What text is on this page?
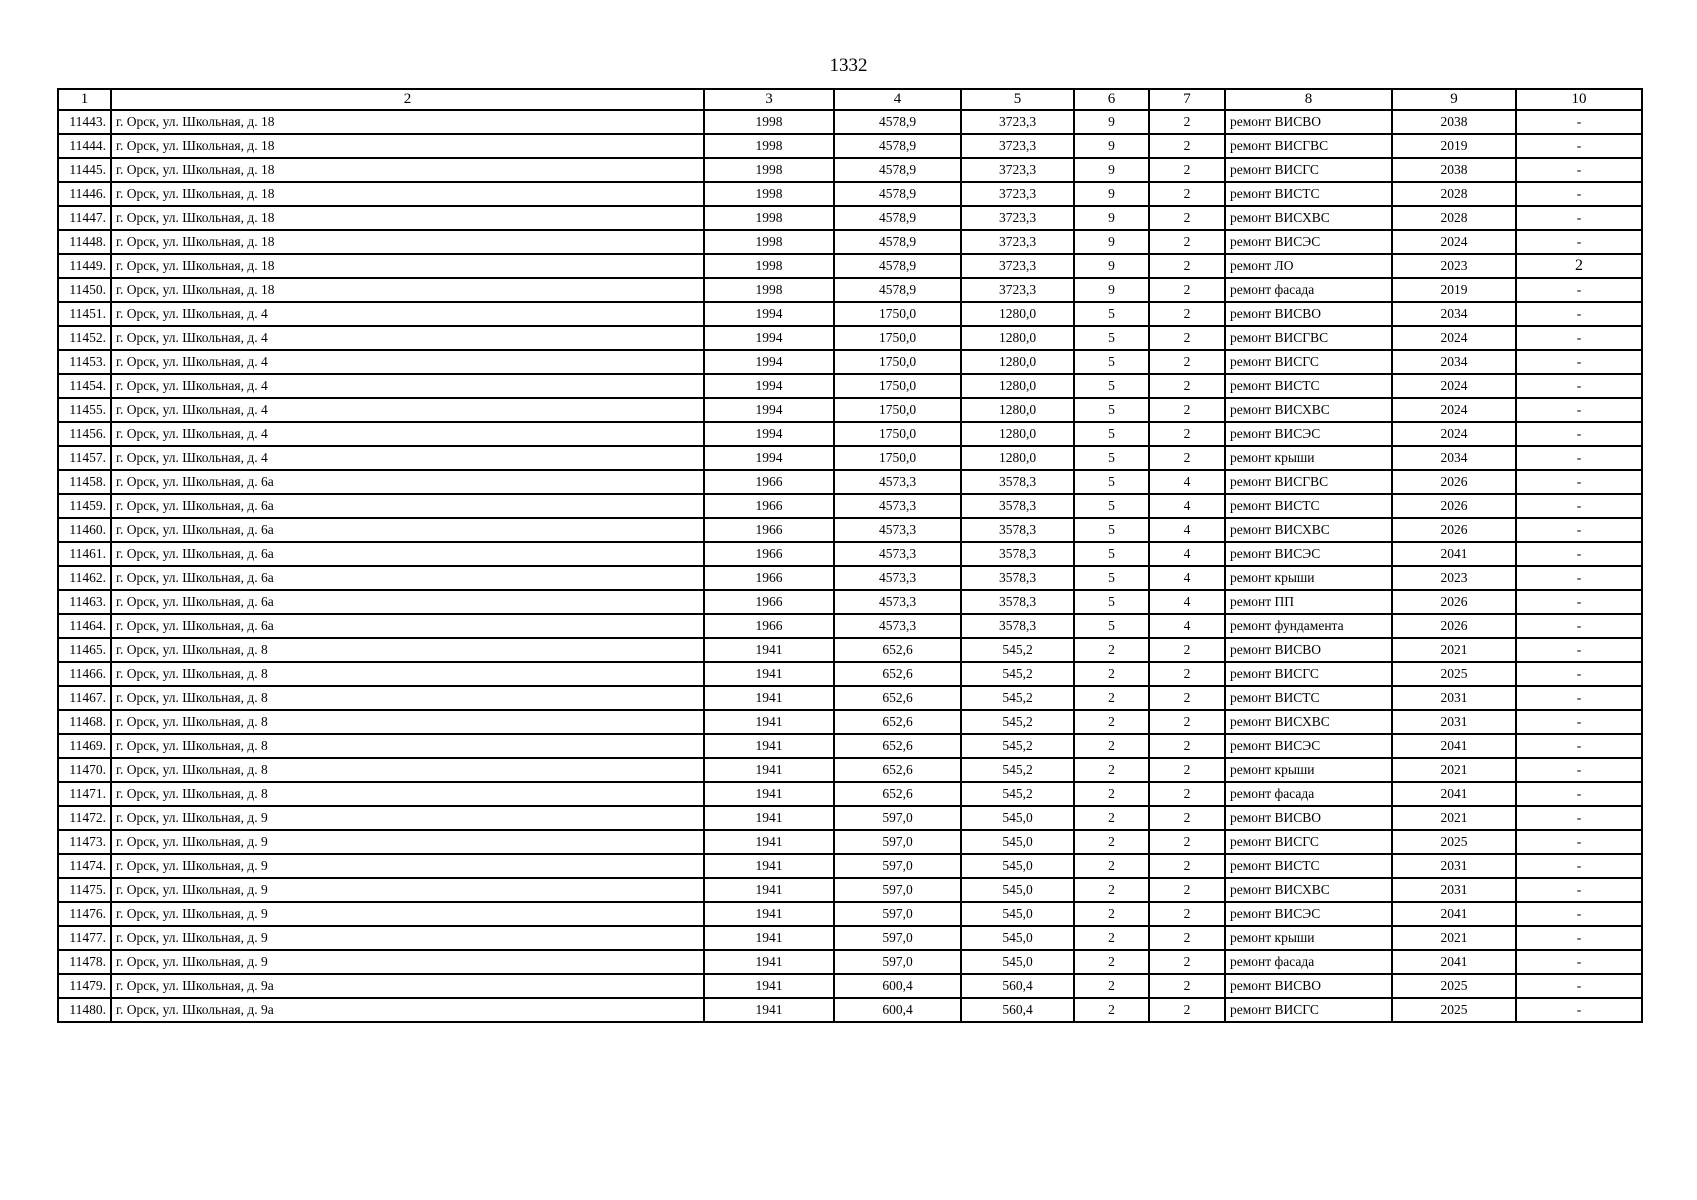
1332
1	2	3	4	5	6	7	8	9	10
11443.	г. Орск, ул. Школьная, д. 18	1998	4578,9	3723,3	9	2	ремонт ВИСВО	2038	-
11444.	г. Орск, ул. Школьная, д. 18	1998	4578,9	3723,3	9	2	ремонт ВИСГВС	2019	-
11445.	г. Орск, ул. Школьная, д. 18	1998	4578,9	3723,3	9	2	ремонт ВИСГС	2038	-
11446.	г. Орск, ул. Школьная, д. 18	1998	4578,9	3723,3	9	2	ремонт ВИСТС	2028	-
11447.	г. Орск, ул. Школьная, д. 18	1998	4578,9	3723,3	9	2	ремонт ВИСХВС	2028	-
11448.	г. Орск, ул. Школьная, д. 18	1998	4578,9	3723,3	9	2	ремонт ВИСЭС	2024	-
11449.	г. Орск, ул. Школьная, д. 18	1998	4578,9	3723,3	9	2	ремонт ЛО	2023	2
11450.	г. Орск, ул. Школьная, д. 18	1998	4578,9	3723,3	9	2	ремонт фасада	2019	-
11451.	г. Орск, ул. Школьная, д. 4	1994	1750,0	1280,0	5	2	ремонт ВИСВО	2034	-
11452.	г. Орск, ул. Школьная, д. 4	1994	1750,0	1280,0	5	2	ремонт ВИСГВС	2024	-
11453.	г. Орск, ул. Школьная, д. 4	1994	1750,0	1280,0	5	2	ремонт ВИСГС	2034	-
11454.	г. Орск, ул. Школьная, д. 4	1994	1750,0	1280,0	5	2	ремонт ВИСТС	2024	-
11455.	г. Орск, ул. Школьная, д. 4	1994	1750,0	1280,0	5	2	ремонт ВИСХВС	2024	-
11456.	г. Орск, ул. Школьная, д. 4	1994	1750,0	1280,0	5	2	ремонт ВИСЭС	2024	-
11457.	г. Орск, ул. Школьная, д. 4	1994	1750,0	1280,0	5	2	ремонт крыши	2034	-
11458.	г. Орск, ул. Школьная, д. 6а	1966	4573,3	3578,3	5	4	ремонт ВИСГВС	2026	-
11459.	г. Орск, ул. Школьная, д. 6а	1966	4573,3	3578,3	5	4	ремонт ВИСТС	2026	-
11460.	г. Орск, ул. Школьная, д. 6а	1966	4573,3	3578,3	5	4	ремонт ВИСХВС	2026	-
11461.	г. Орск, ул. Школьная, д. 6а	1966	4573,3	3578,3	5	4	ремонт ВИСЭС	2041	-
11462.	г. Орск, ул. Школьная, д. 6а	1966	4573,3	3578,3	5	4	ремонт крыши	2023	-
11463.	г. Орск, ул. Школьная, д. 6а	1966	4573,3	3578,3	5	4	ремонт ПП	2026	-
11464.	г. Орск, ул. Школьная, д. 6а	1966	4573,3	3578,3	5	4	ремонт фундамента	2026	-
11465.	г. Орск, ул. Школьная, д. 8	1941	652,6	545,2	2	2	ремонт ВИСВО	2021	-
11466.	г. Орск, ул. Школьная, д. 8	1941	652,6	545,2	2	2	ремонт ВИСГС	2025	-
11467.	г. Орск, ул. Школьная, д. 8	1941	652,6	545,2	2	2	ремонт ВИСТС	2031	-
11468.	г. Орск, ул. Школьная, д. 8	1941	652,6	545,2	2	2	ремонт ВИСХВС	2031	-
11469.	г. Орск, ул. Школьная, д. 8	1941	652,6	545,2	2	2	ремонт ВИСЭС	2041	-
11470.	г. Орск, ул. Школьная, д. 8	1941	652,6	545,2	2	2	ремонт крыши	2021	-
11471.	г. Орск, ул. Школьная, д. 8	1941	652,6	545,2	2	2	ремонт фасада	2041	-
11472.	г. Орск, ул. Школьная, д. 9	1941	597,0	545,0	2	2	ремонт ВИСВО	2021	-
11473.	г. Орск, ул. Школьная, д. 9	1941	597,0	545,0	2	2	ремонт ВИСГС	2025	-
11474.	г. Орск, ул. Школьная, д. 9	1941	597,0	545,0	2	2	ремонт ВИСТС	2031	-
11475.	г. Орск, ул. Школьная, д. 9	1941	597,0	545,0	2	2	ремонт ВИСХВС	2031	-
11476.	г. Орск, ул. Школьная, д. 9	1941	597,0	545,0	2	2	ремонт ВИСЭС	2041	-
11477.	г. Орск, ул. Школьная, д. 9	1941	597,0	545,0	2	2	ремонт крыши	2021	-
11478.	г. Орск, ул. Школьная, д. 9	1941	597,0	545,0	2	2	ремонт фасада	2041	-
11479.	г. Орск, ул. Школьная, д. 9а	1941	600,4	560,4	2	2	ремонт ВИСВО	2025	-
11480.	г. Орск, ул. Школьная, д. 9а	1941	600,4	560,4	2	2	ремонт ВИСГС	2025	-
